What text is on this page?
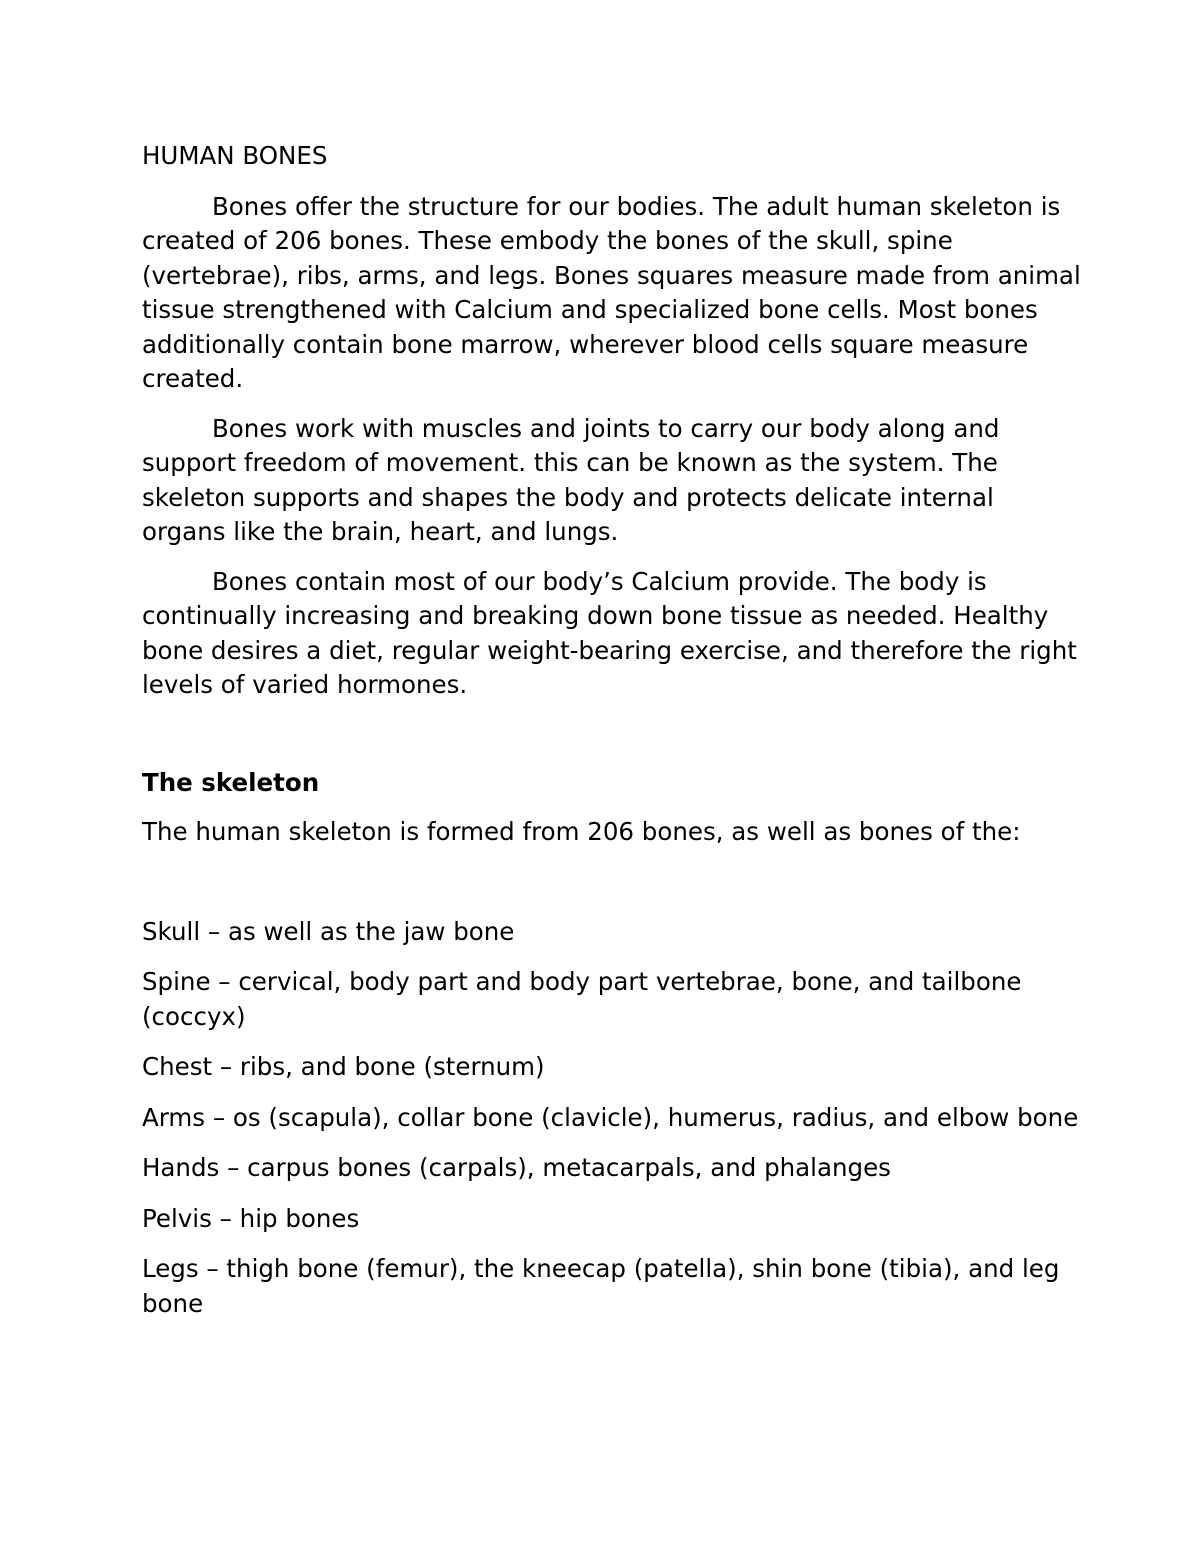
HUMAN BONES

Bones offer the structure for our bodies. The adult human skeleton is created of 206 bones. These embody the bones of the skull, spine (vertebrae), ribs, arms, and legs. Bones squares measure made from animal tissue strengthened with Calcium and specialized bone cells. Most bones additionally contain bone marrow, wherever blood cells square measure created.

Bones work with muscles and joints to carry our body along and support freedom of movement. this can be known as the system. The skeleton supports and shapes the body and protects delicate internal organs like the brain, heart, and lungs.

Bones contain most of our body’s Calcium provide. The body is continually increasing and breaking down bone tissue as needed. Healthy bone desires a diet, regular weight-bearing exercise, and therefore the right levels of varied hormones.

The skeleton

The human skeleton is formed from 206 bones, as well as bones of the:

Skull – as well as the jaw bone

Spine – cervical, body part and body part vertebrae, bone, and tailbone (coccyx)

Chest – ribs, and bone (sternum)

Arms – os (scapula), collar bone (clavicle), humerus, radius, and elbow bone

Hands – carpus bones (carpals), metacarpals, and phalanges

Pelvis – hip bones

Legs – thigh bone (femur), the kneecap (patella), shin bone (tibia), and leg bone
